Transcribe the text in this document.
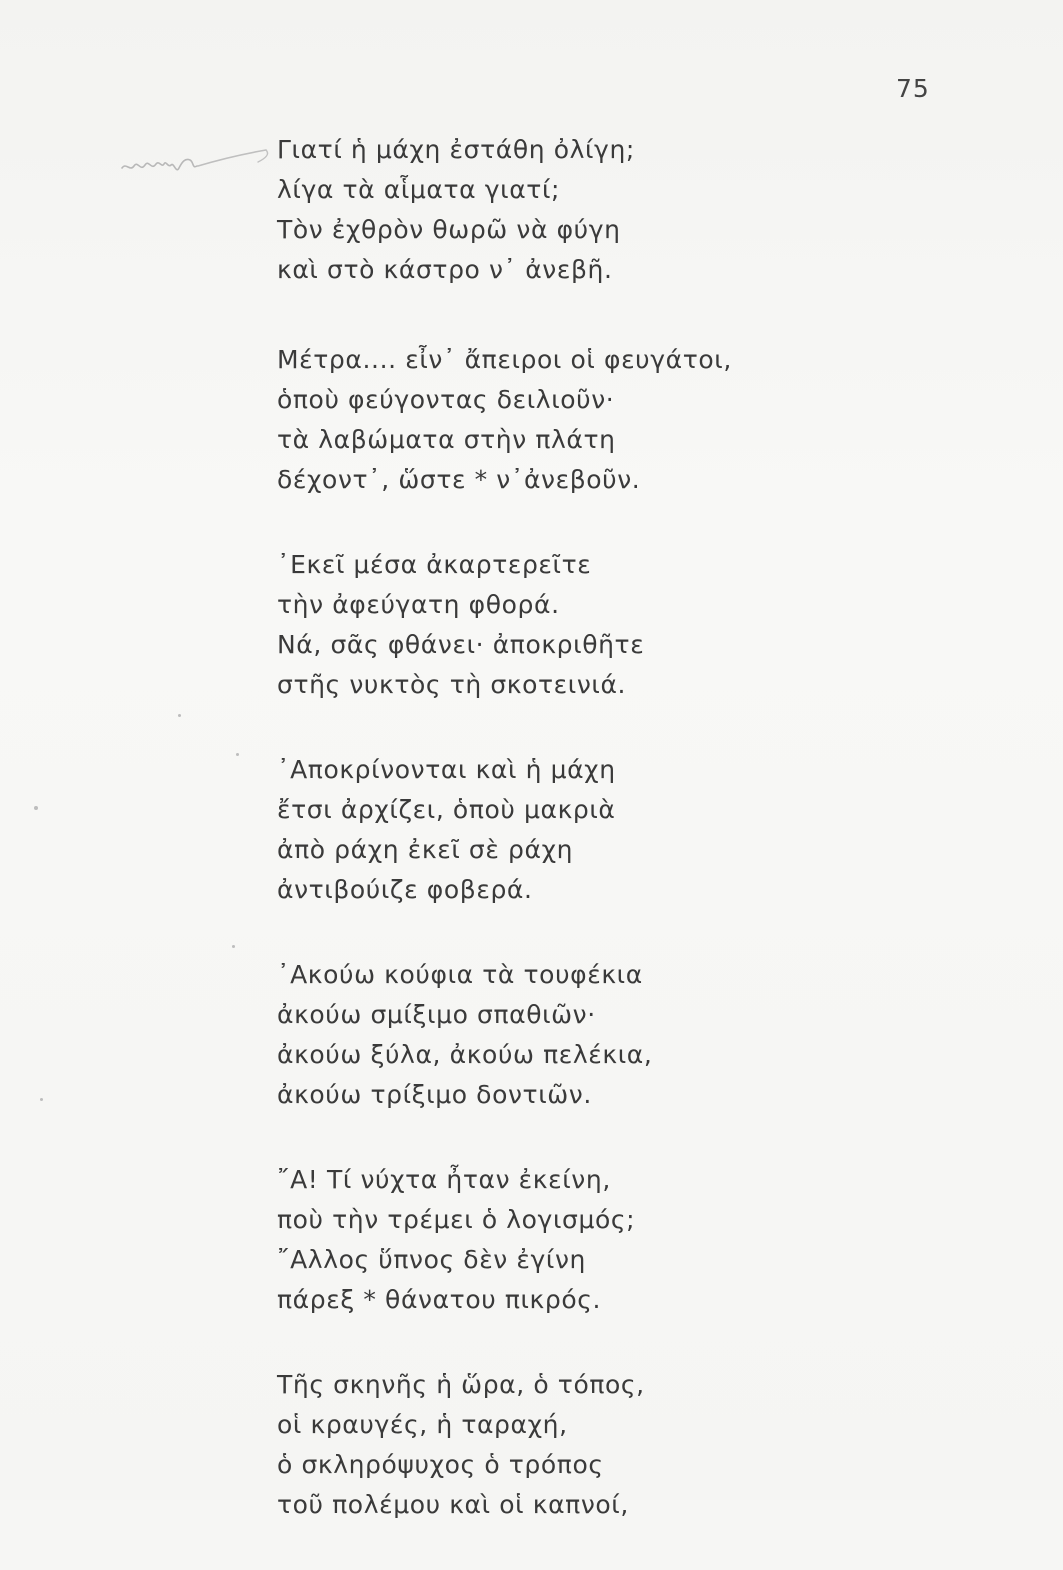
75
Γιατί ἡ μάχη ἐστάθη ὀλίγη;
λίγα τὰ αἷματα γιατί;
Τὸν ἐχθρὸν θωρῶ νὰ φύγη
καὶ στὸ κάστρο ν᾽ ἀνεβῆ.
Μέτρα.... εἶν᾽ ἄπειροι οἱ φευγάτοι,
ὁποὺ φεύγοντας δειλιοῦν·
τὰ λαβώματα στὴν πλάτη
δέχοντ᾽, ὥστε * ν᾽ἀνεβοῦν.
᾽Εκεῖ μέσα ἀκαρτερεῖτε
τὴν ἀφεύγατη φθορά.
Νά, σᾶς φθάνει· ἀποκριθῆτε
στῆς νυκτὸς τὴ σκοτεινιά.
᾽Αποκρίνονται καὶ ἡ μάχη
ἔτσι ἀρχίζει, ὁποὺ μακριὰ
ἀπὸ ράχη ἐκεῖ σὲ ράχη
ἀντιβούιζε φοβερά.
᾽Ακούω κούφια τὰ τουφέκια
ἀκούω σμίξιμο σπαθιῶν·
ἀκούω ξύλα, ἀκούω πελέκια,
ἀκούω τρίξιμο δοντιῶν.
῎Α! Τί νύχτα ἦταν ἐκείνη,
ποὺ τὴν τρέμει ὁ λογισμός;
῎Αλλος ὕπνος δὲν ἐγίνη
πάρεξ * θάνατου πικρός.
Τῆς σκηνῆς ἡ ὥρα, ὁ τόπος,
οἱ κραυγές, ἡ ταραχή,
ὁ σκληρόψυχος ὁ τρόπος
τοῦ πολέμου καὶ οἱ καπνοί,
